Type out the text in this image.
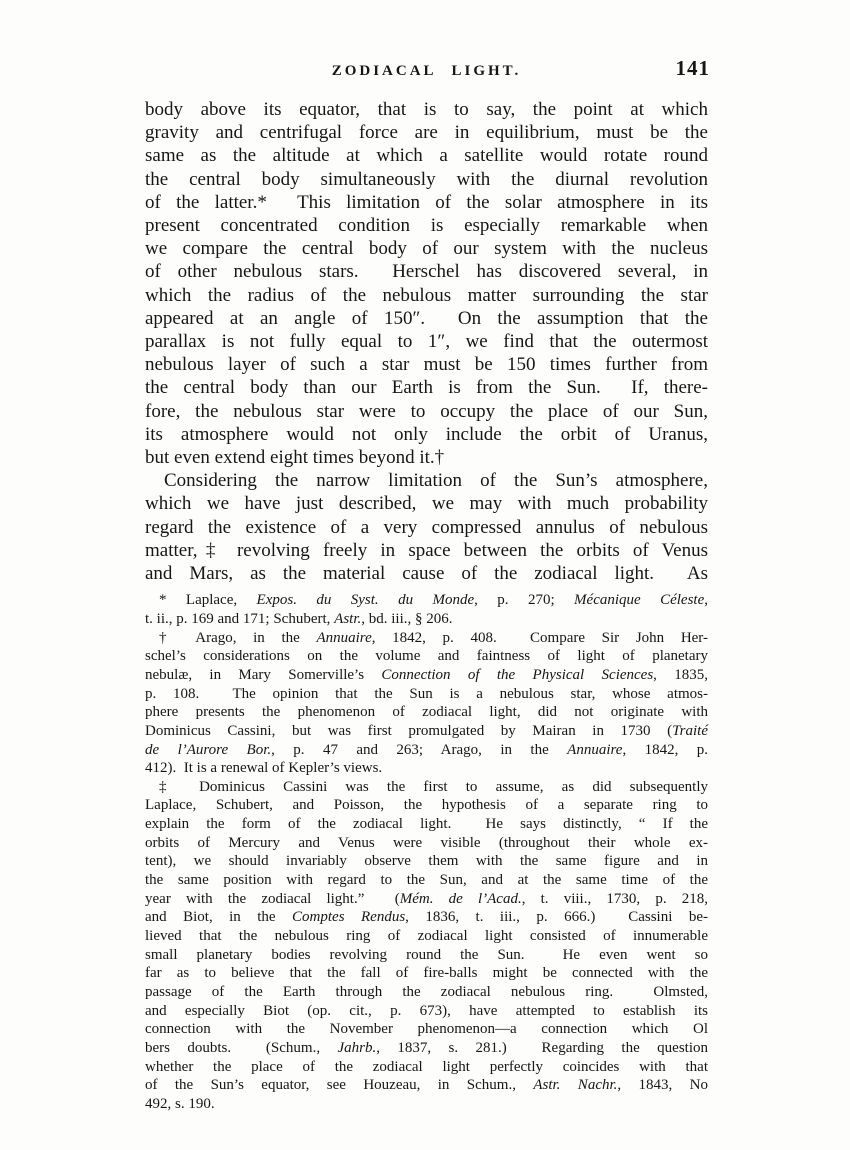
ZODIACAL LIGHT.	141
body above its equator, that is to say, the point at which
gravity and centrifugal force are in equilibrium, must be the
same as the altitude at which a satellite would rotate round
the central body simultaneously with the diurnal revolution
of the latter.*  This limitation of the solar atmosphere in its
present concentrated condition is especially remarkable when
we compare the central body of our system with the nucleus
of other nebulous stars.  Herschel has discovered several, in
which the radius of the nebulous matter surrounding the star
appeared at an angle of 150″.  On the assumption that the
parallax is not fully equal to 1″, we find that the outermost
nebulous layer of such a star must be 150 times further from
the central body than our Earth is from the Sun.  If, there-
fore, the nebulous star were to occupy the place of our Sun,
its atmosphere would not only include the orbit of Uranus,
but even extend eight times beyond it.†
Considering the narrow limitation of the Sun’s atmosphere,
which we have just described, we may with much probability
regard the existence of a very compressed annulus of nebulous
matter,‡ revolving freely in space between the orbits of Venus
and Mars, as the material cause of the zodiacal light.  As
* Laplace, Expos. du Syst. du Monde, p. 270; Mécanique Céleste,
t. ii., p. 169 and 171; Schubert, Astr., bd. iii., § 206.
† Arago, in the Annuaire, 1842, p. 408.  Compare Sir John Her-
schel’s considerations on the volume and faintness of light of planetary
nebulæ, in Mary Somerville’s Connection of the Physical Sciences, 1835,
p. 108.  The opinion that the Sun is a nebulous star, whose atmos-
phere presents the phenomenon of zodiacal light, did not originate with
Dominicus Cassini, but was first promulgated by Mairan in 1730 (Traité
de l’Aurore Bor., p. 47 and 263; Arago, in the Annuaire, 1842, p.
412).  It is a renewal of Kepler’s views.
‡ Dominicus Cassini was the first to assume, as did subsequently
Laplace, Schubert, and Poisson, the hypothesis of a separate ring to
explain the form of the zodiacal light.  He says distinctly, “ If the
orbits of Mercury and Venus were visible (throughout their whole ex-
tent), we should invariably observe them with the same figure and in
the same position with regard to the Sun, and at the same time of the
year with the zodiacal light.”  (Mém. de l’Acad., t. viii., 1730, p. 218,
and Biot, in the Comptes Rendus, 1836, t. iii., p. 666.)  Cassini be-
lieved that the nebulous ring of zodiacal light consisted of innumerable
small planetary bodies revolving round the Sun.  He even went so
far as to believe that the fall of fire-balls might be connected with the
passage of the Earth through the zodiacal nebulous ring.  Olmsted,
and especially Biot (op. cit., p. 673), have attempted to establish its
connection with the November phenomenon—a connection which Ol
bers doubts.  (Schum., Jahrb., 1837, s. 281.)  Regarding the question
whether the place of the zodiacal light perfectly coincides with that
of the Sun’s equator, see Houzeau, in Schum., Astr. Nachr., 1843, No
492, s. 190.
